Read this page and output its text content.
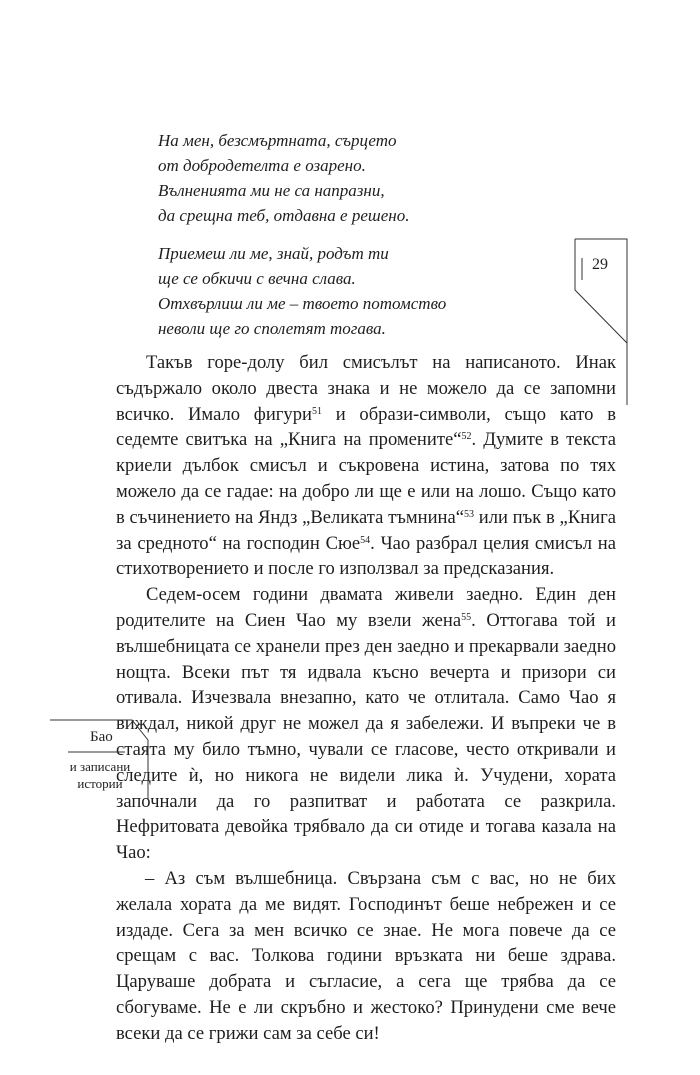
На мен, безсмъртната, сърцето
от добродетелта е озарено.
Вълненията ми не са напразни,
да срещна теб, отдавна е решено.
Приемеш ли ме, знай, родът ти
ще се обкичи с вечна слава.
Отхвърлиш ли ме – твоето потомство
неволи ще го сполетят тогава.

Такъв горе-долу бил смисълът на написаното. Инак съдържало около двеста знака и не можело да се запомни всичко. Имало фигури$^{51}$ и образи-символи, също като в седемте свитъка на „Книга на промените“$^{52}$. Думите в текста криели дълбок смисъл и съкровена истина, затова по тях можело да се гадае: на добро ли ще е или на лошо. Също като в съчинението на Яндз „Великата тъмнина“$^{53}$ или пък в „Книга за средното“ на господин Сюе$^{54}$. Чао разбрал целия смисъл на стихотворението и после го използвал за предсказания.

Седем-осем години двамата живели заедно. Един ден родителите на Сиен Чао му взели жена$^{55}$. Оттогава той и вълшебницата се хранели през ден заедно и прекарвали заедно нощта. Всеки път тя идвала късно вечерта и призори си отивала. Изчезвала внезапно, като че отлитала. Само Чао я виждал, никой друг не можел да я забележи. И въпреки че в стаята му било тъмно, чували се гласове, често откривали и следите ѝ, но никога не видели лика ѝ. Учудени, хората започнали да го разпитват и работата се разкрила. Нефритовата девойка трябвало да си отиде и тогава казала на Чао:

– Аз съм вълшебница. Свързана съм с вас, но не бих желала хората да ме видят. Господинът беше небрежен и се издаде. Сега за мен всичко се знае. Не мога повече да се срещам с вас. Толкова години връзката ни беше здрава. Царуваше добрата и съгласие, а сега ще трябва да се сбогуваме. Не е ли скръбно и жестоко? Принудени сме вече всеки да се грижи сам за себе си!

29
Бао
и записани
истории
